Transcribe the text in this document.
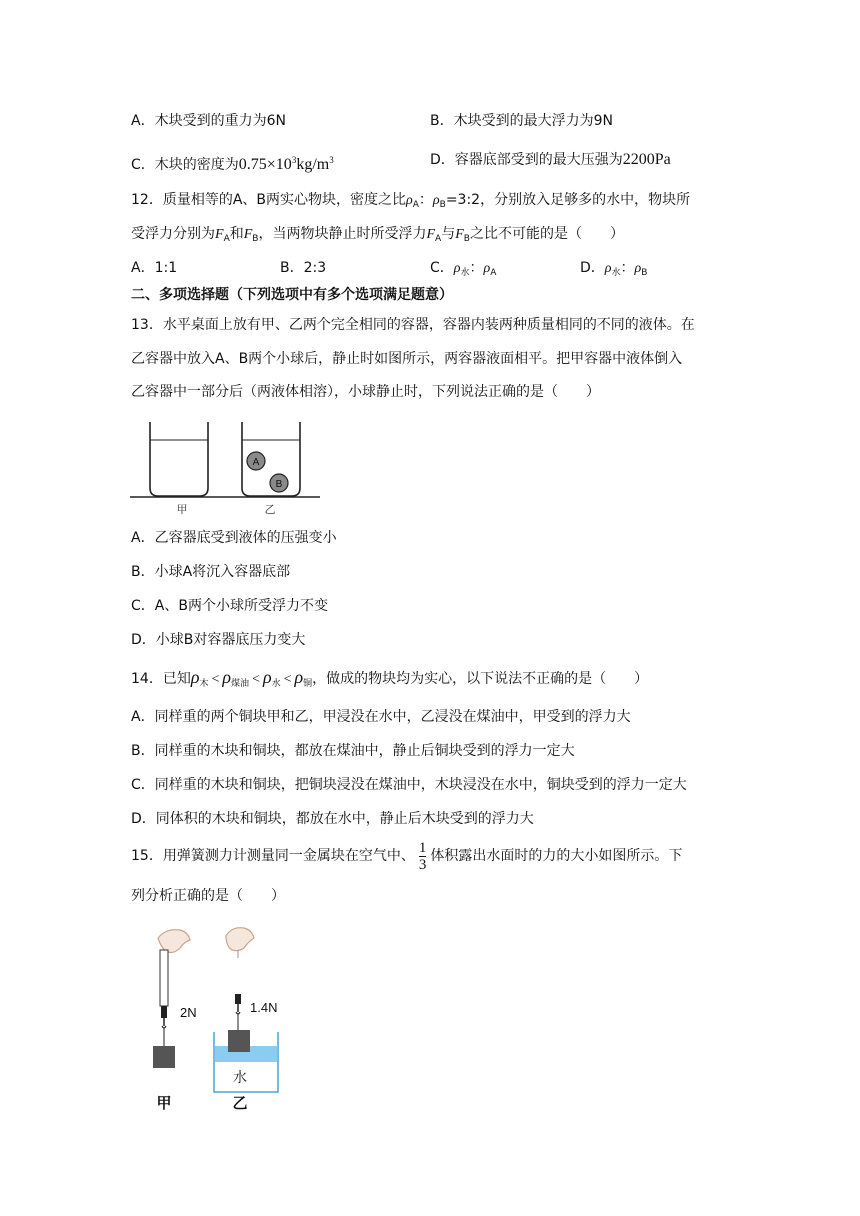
A．木块受到的重力为6N	B．木块受到的最大浮力为9N
C．木块的密度为$0.75\times 10^3kg/m^3$	D．容器底部受到的最大压强为2200Pa
12．质量相等的A、B两实心物块，密度之比$\rho_A$：$\rho_B=3:2$，分别放入足够多的水中，物块所
受浮力分别为$F_A$和$F_B$，当两物块静止时所受浮力$F_A$与$F_B$之比不可能的是（　　）
A．1:1	B．2:3	C．$\rho_水$：$\rho_A$	D．$\rho_水$：$\rho_B$
二、多项选择题（下列选项中有多个选项满足题意）
13．水平桌面上放有甲、乙两个完全相同的容器，容器内装两种质量相同的不同的液体。在
乙容器中放入A、B两个小球后，静止时如图所示，两容器液面相平。把甲容器中液体倒入
乙容器中一部分后（两液体相溶），小球静止时，下列说法正确的是（　　）
A
B
甲	乙
A．乙容器底受到液体的压强变小
B．小球A将沉入容器底部
C．A、B两个小球所受浮力不变
D．小球B对容器底压力变大
14．已知$\rho_木 < \rho_{煤油} < \rho_水 < \rho_铜$，做成的物块均为实心，以下说法不正确的是（　　）
A．同样重的两个铜块甲和乙，甲浸没在水中，乙浸没在煤油中，甲受到的浮力大
B．同样重的木块和铜块，都放在煤油中，静止后铜块受到的浮力一定大
C．同样重的木块和铜块，把铜块浸没在煤油中，木块浸没在水中，铜块受到的浮力一定大
D．同体积的木块和铜块，都放在水中，静止后木块受到的浮力大
15．用弹簧测力计测量同一金属块在空气中、 $\frac{1}{3}$ 体积露出水面时的力的大小如图所示。下
列分析正确的是（　　）
2N	1.4N
水
甲	乙
